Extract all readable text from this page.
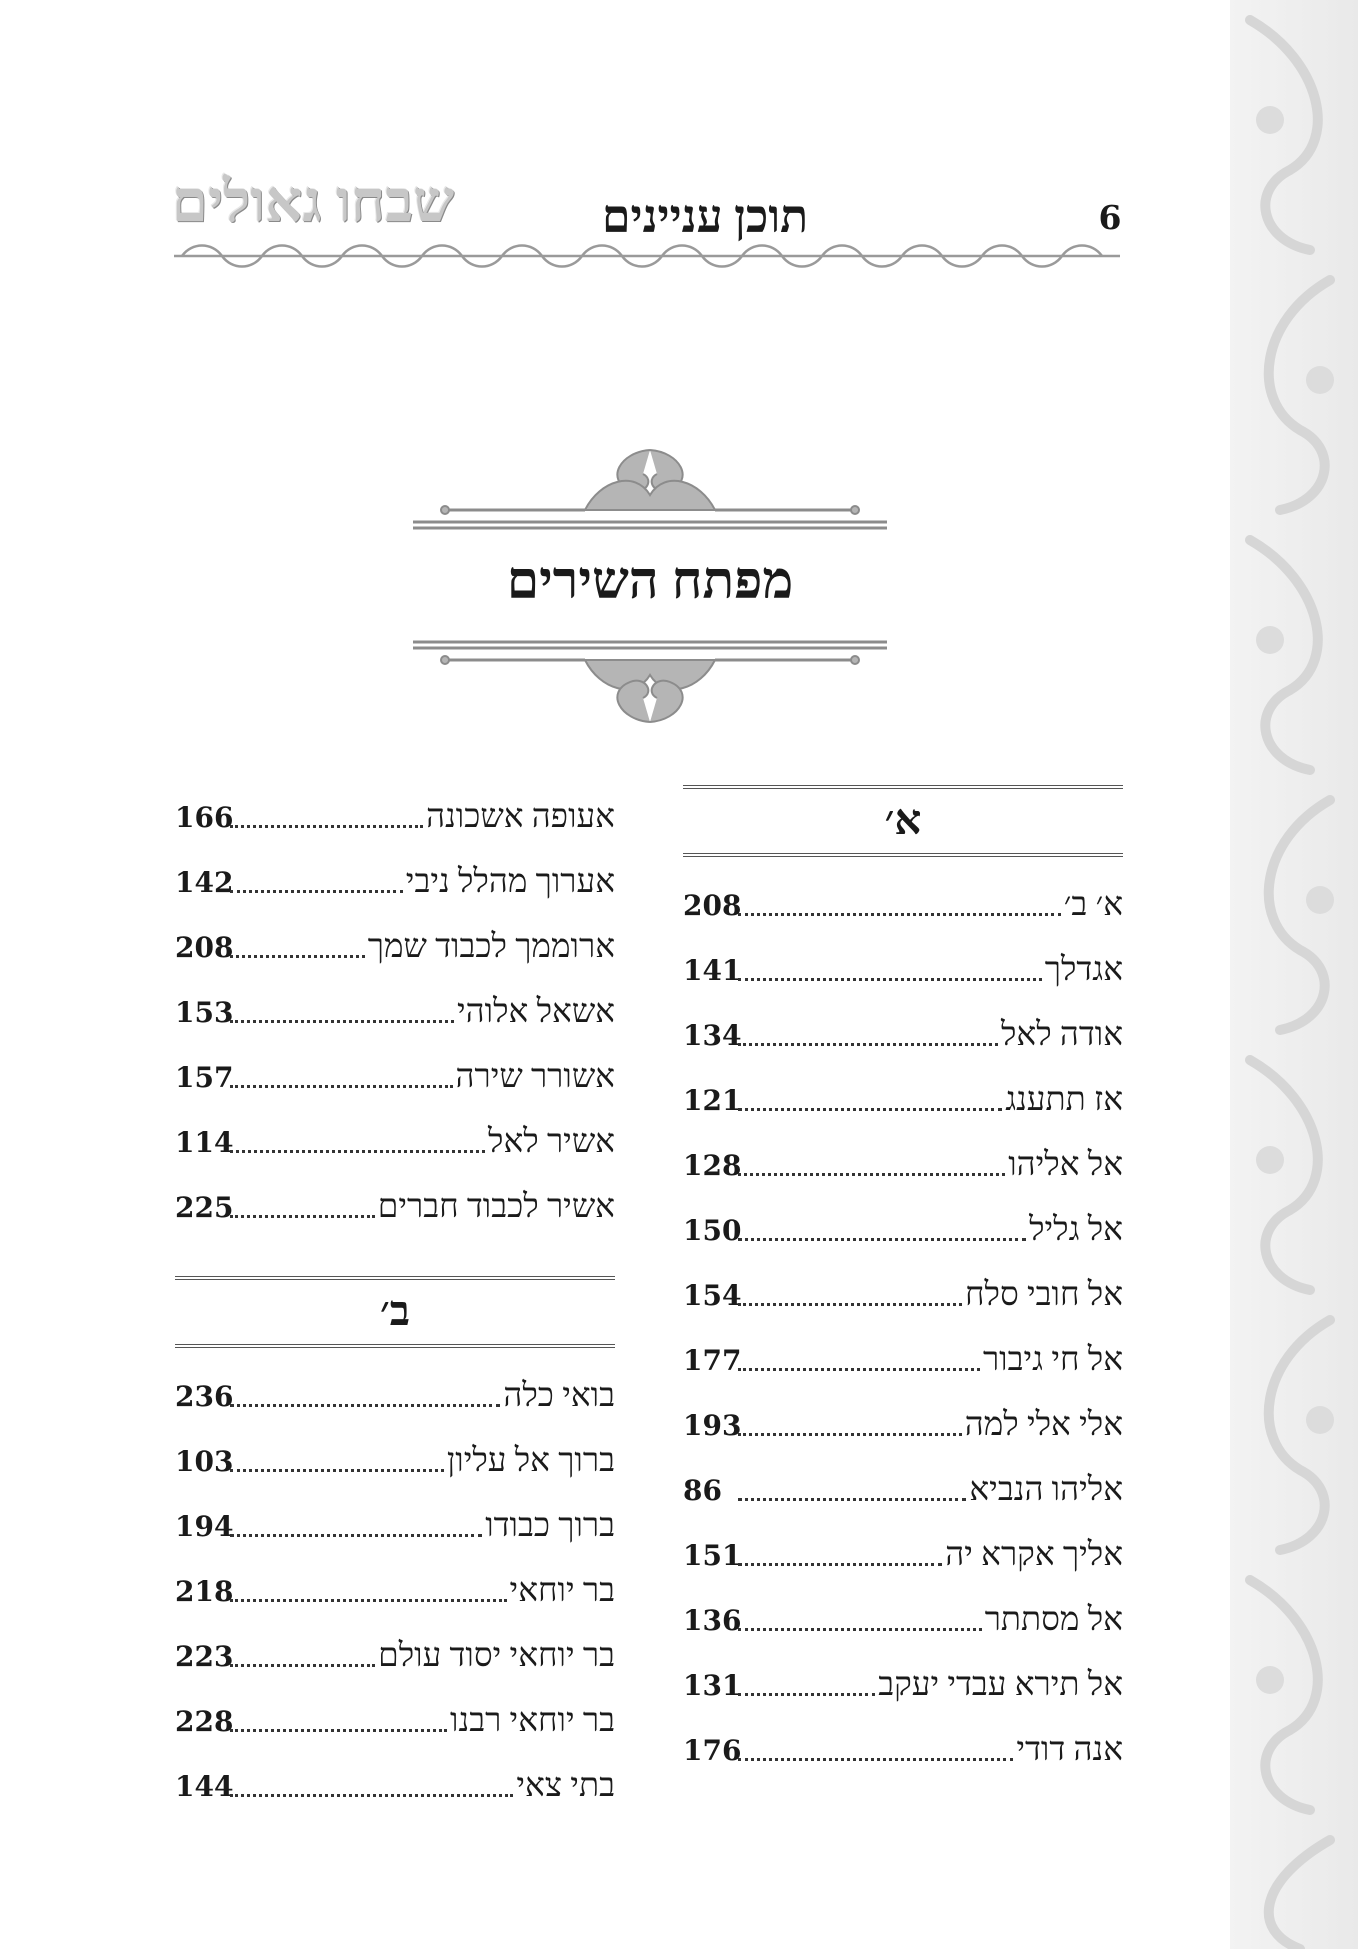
6
תוכן עניינים
שבחו גאולים
מפתח השירים
א׳
א׳ ב׳
208
אגדלך
141
אודה לאל
134
אז תתענג
121
אל אליהו
128
אל גליל
150
אל חובי סלח
154
אל חי גיבור
177
אלי אלי למה
193
אליהו הנביא
86
אליך אקרא יה
151
אל מסתתר
136
אל תירא עבדי יעקב
131
אנה דודי
176
אעופה אשכונה
166
אערוך מהלל ניבי
142
ארוממך לכבוד שמך
208
אשאל אלוהי
153
אשורר שירה
157
אשיר לאל
114
אשיר לכבוד חברים
225
ב׳
בואי כלה
236
ברוך אל עליון
103
ברוך כבודו
194
בר יוחאי
218
בר יוחאי יסוד עולם
223
בר יוחאי רבנו
228
בתי צאי
144
